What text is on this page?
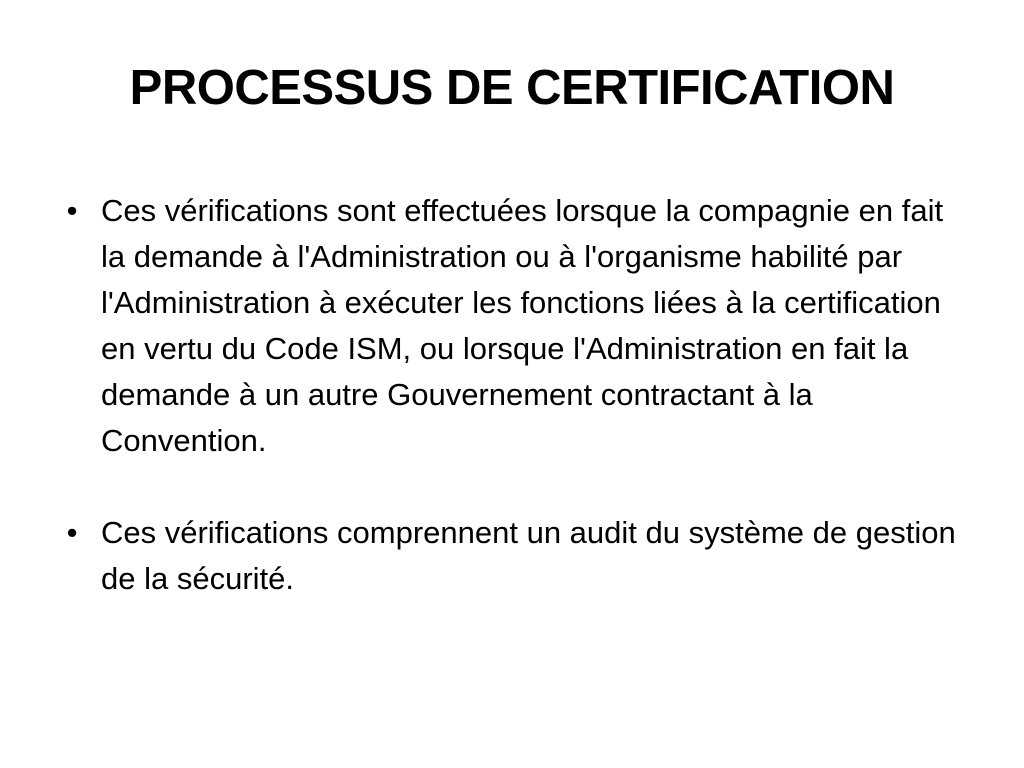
PROCESSUS DE CERTIFICATION
• Ces vérifications sont effectuées lorsque la compagnie en fait la demande à l'Administration ou à l'organisme habilité par l'Administration à exécuter les fonctions liées à la certification en vertu du Code ISM, ou lorsque l'Administration en fait la demande à un autre Gouvernement contractant à la Convention.
• Ces vérifications comprennent un audit du système de gestion de la sécurité.
